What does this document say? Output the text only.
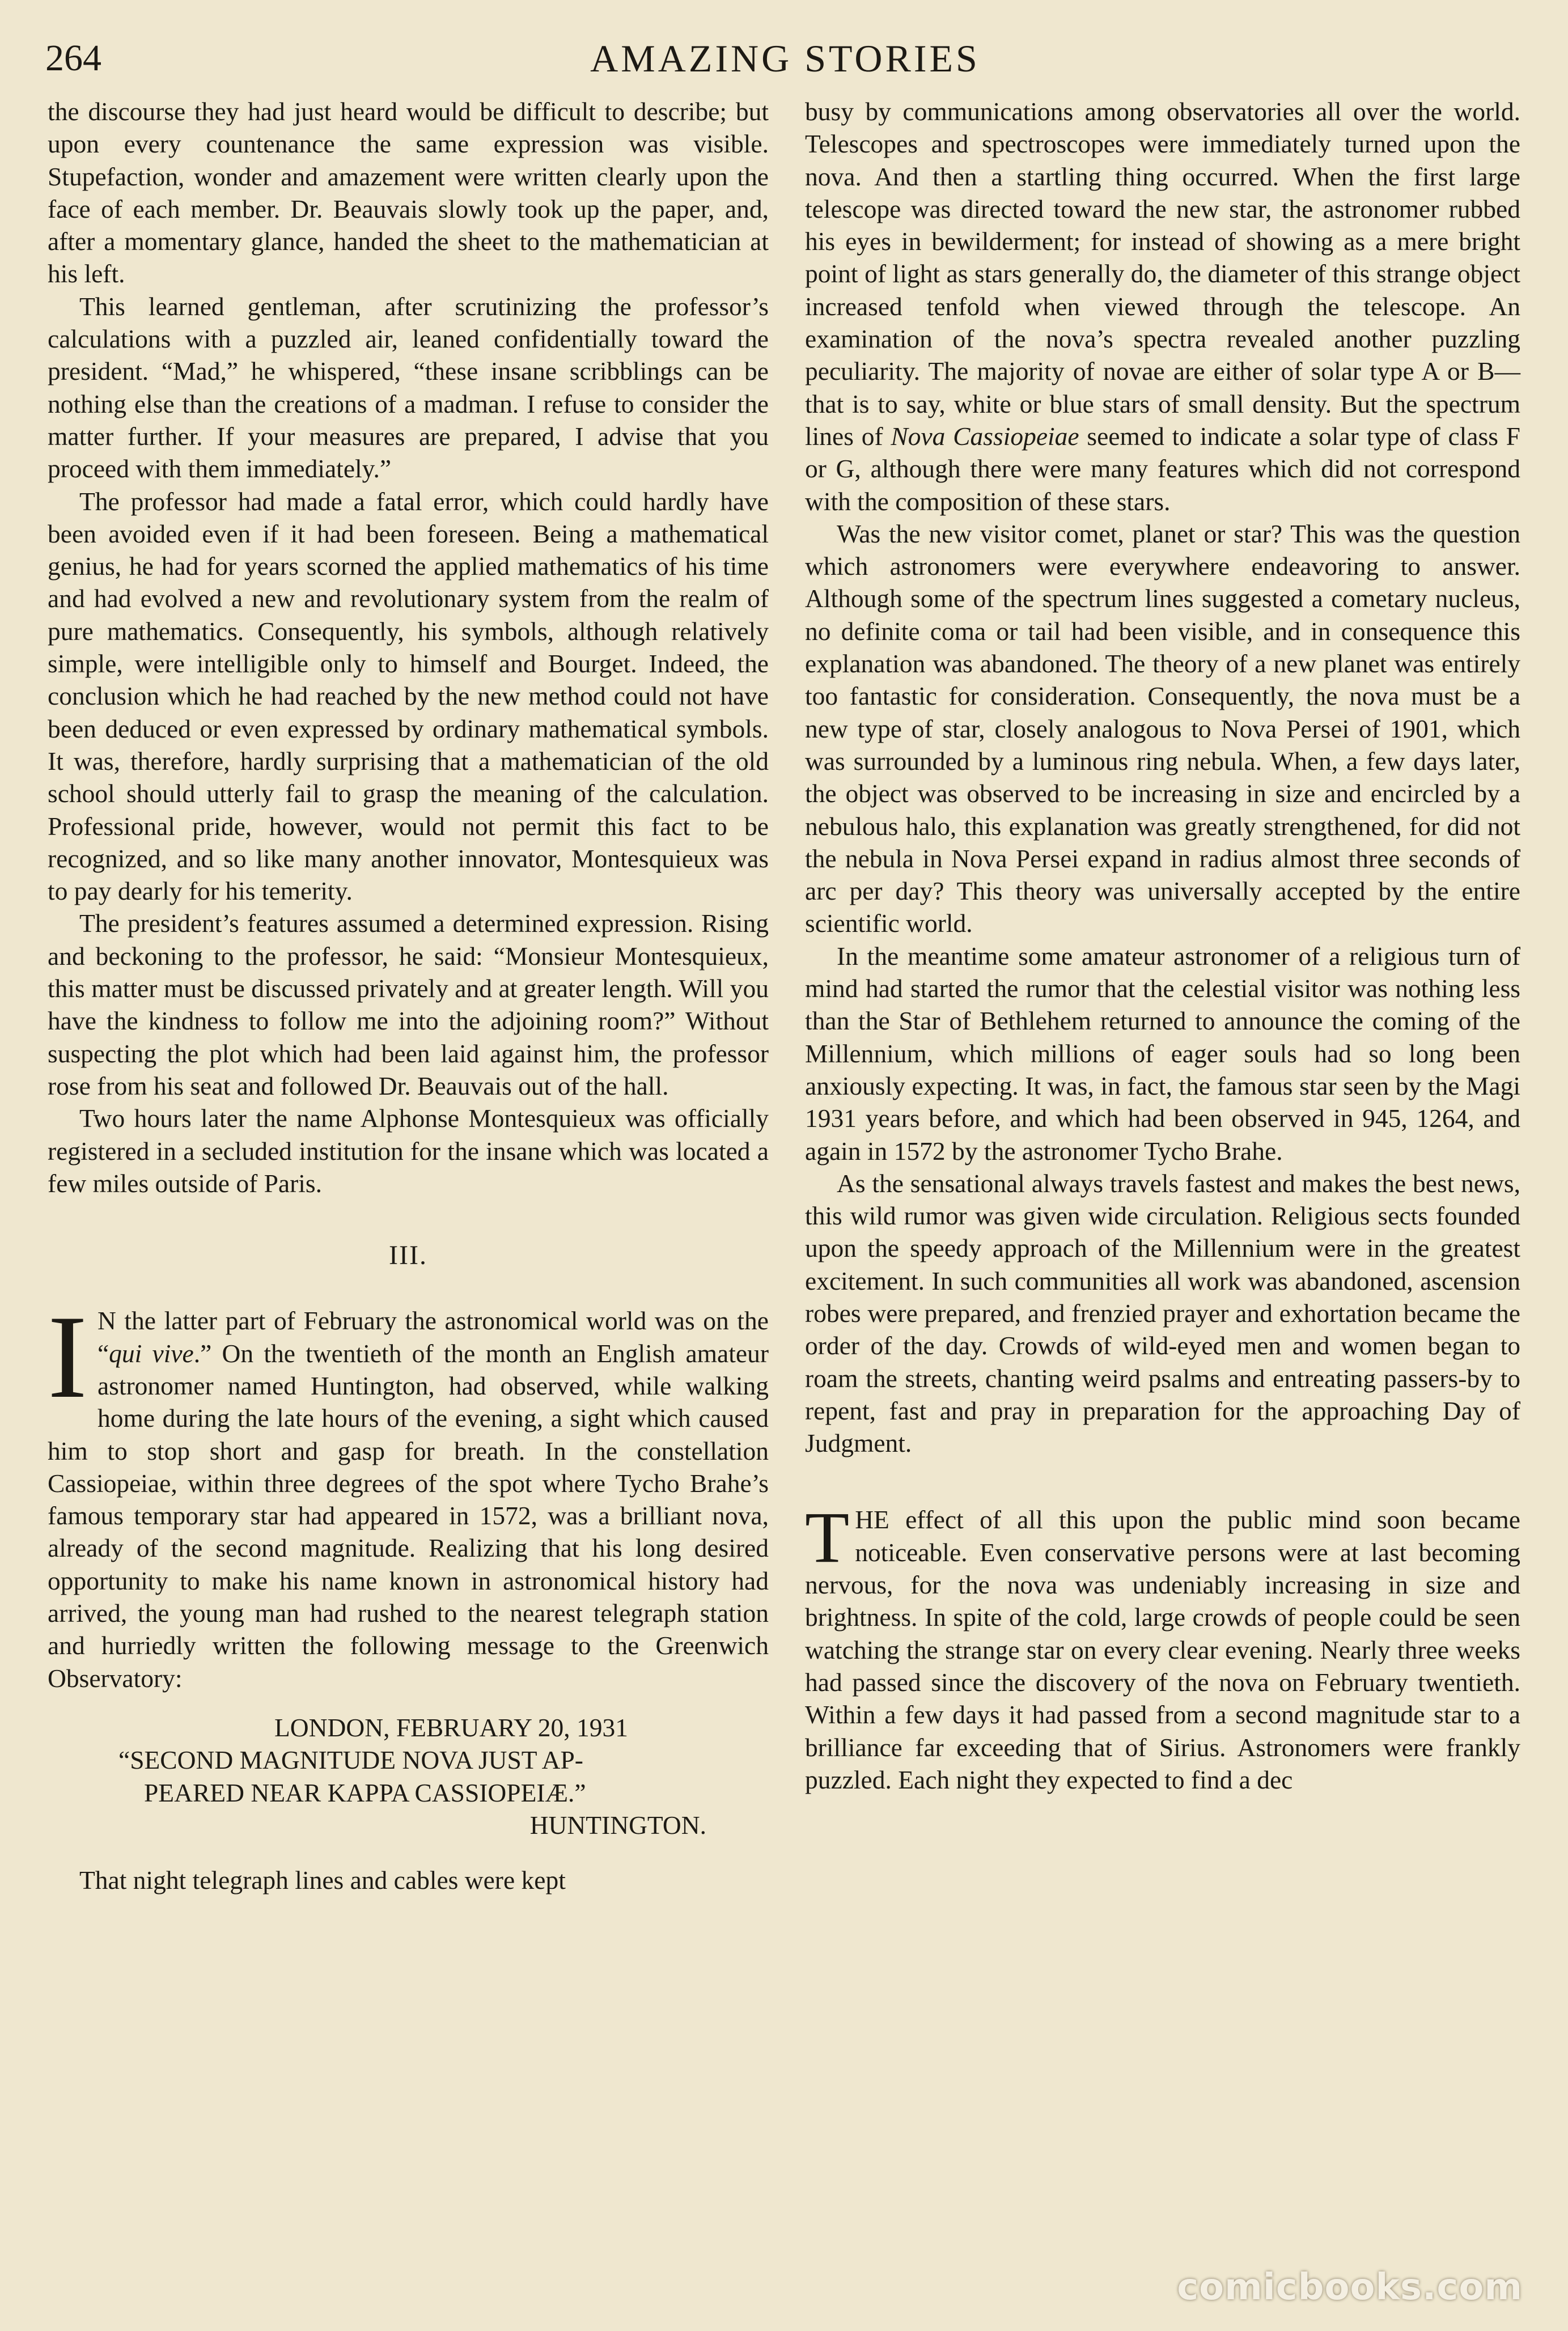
264	AMAZING STORIES

the discourse they had just heard would be difficult to describe; but upon every countenance the same expression was visible. Stupefaction, wonder and amazement were written clearly upon the face of each member. Dr. Beauvais slowly took up the paper, and, after a momentary glance, handed the sheet to the mathematician at his left.

This learned gentleman, after scrutinizing the professor’s calculations with a puzzled air, leaned confidentially toward the president. “Mad,” he whispered, “these insane scribblings can be nothing else than the creations of a madman. I refuse to consider the matter further. If your measures are prepared, I advise that you proceed with them immediately.”

The professor had made a fatal error, which could hardly have been avoided even if it had been foreseen. Being a mathematical genius, he had for years scorned the applied mathematics of his time and had evolved a new and revolutionary system from the realm of pure mathematics. Consequently, his symbols, although relatively simple, were intelligible only to himself and Bourget. Indeed, the conclusion which he had reached by the new method could not have been deduced or even expressed by ordinary mathematical symbols. It was, therefore, hardly surprising that a mathematician of the old school should utterly fail to grasp the meaning of the calculation. Professional pride, however, would not permit this fact to be recognized, and so like many another innovator, Montesquieux was to pay dearly for his temerity.

The president’s features assumed a determined expression. Rising and beckoning to the professor, he said: “Monsieur Montesquieux, this matter must be discussed privately and at greater length. Will you have the kindness to follow me into the adjoining room?” Without suspecting the plot which had been laid against him, the professor rose from his seat and followed Dr. Beauvais out of the hall.

Two hours later the name Alphonse Montesquieux was officially registered in a secluded institution for the insane which was located a few miles outside of Paris.

III.

I N the latter part of February the astronomical world was on the “qui vive.” On the twentieth of the month an English amateur astronomer named Huntington, had observed, while walking home during the late hours of the evening, a sight which caused him to stop short and gasp for breath. In the constellation Cassiopeiae, within three degrees of the spot where Tycho Brahe’s famous temporary star had appeared in 1572, was a brilliant nova, already of the second magnitude. Realizing that his long desired opportunity to make his name known in astronomical history had arrived, the young man had rushed to the nearest telegraph station and hurriedly written the following message to the Greenwich Observatory:

LONDON, FEBRUARY 20, 1931
“SECOND MAGNITUDE NOVA JUST AP-
PEARED NEAR KAPPA CASSIOPEIÆ.”
HUNTINGTON.

That night telegraph lines and cables were kept

busy by communications among observatories all over the world. Telescopes and spectroscopes were immediately turned upon the nova. And then a startling thing occurred. When the first large telescope was directed toward the new star, the astronomer rubbed his eyes in bewilderment; for instead of showing as a mere bright point of light as stars generally do, the diameter of this strange object increased tenfold when viewed through the telescope. An examination of the nova’s spectra revealed another puzzling peculiarity. The majority of novae are either of solar type A or B—that is to say, white or blue stars of small density. But the spectrum lines of Nova Cassiopeiae seemed to indicate a solar type of class F or G, although there were many features which did not correspond with the composition of these stars.

Was the new visitor comet, planet or star? This was the question which astronomers were everywhere endeavoring to answer. Although some of the spectrum lines suggested a cometary nucleus, no definite coma or tail had been visible, and in consequence this explanation was abandoned. The theory of a new planet was entirely too fantastic for consideration. Consequently, the nova must be a new type of star, closely analogous to Nova Persei of 1901, which was surrounded by a luminous ring nebula. When, a few days later, the object was observed to be increasing in size and encircled by a nebulous halo, this explanation was greatly strengthened, for did not the nebula in Nova Persei expand in radius almost three seconds of arc per day? This theory was universally accepted by the entire scientific world.

In the meantime some amateur astronomer of a religious turn of mind had started the rumor that the celestial visitor was nothing less than the Star of Bethlehem returned to announce the coming of the Millennium, which millions of eager souls had so long been anxiously expecting. It was, in fact, the famous star seen by the Magi 1931 years before, and which had been observed in 945, 1264, and again in 1572 by the astronomer Tycho Brahe.

As the sensational always travels fastest and makes the best news, this wild rumor was given wide circulation. Religious sects founded upon the speedy approach of the Millennium were in the greatest excitement. In such communities all work was abandoned, ascension robes were prepared, and frenzied prayer and exhortation became the order of the day. Crowds of wild-eyed men and women began to roam the streets, chanting weird psalms and entreating passers-by to repent, fast and pray in preparation for the approaching Day of Judgment.

THE effect of all this upon the public mind soon became noticeable. Even conservative persons were at last becoming nervous, for the nova was undeniably increasing in size and brightness. In spite of the cold, large crowds of people could be seen watching the strange star on every clear evening. Nearly three weeks had passed since the discovery of the nova on February twentieth. Within a few days it had passed from a second magnitude star to a brilliance far exceeding that of Sirius. Astronomers were frankly puzzled. Each night they expected to find a dec

comicbooks.com
